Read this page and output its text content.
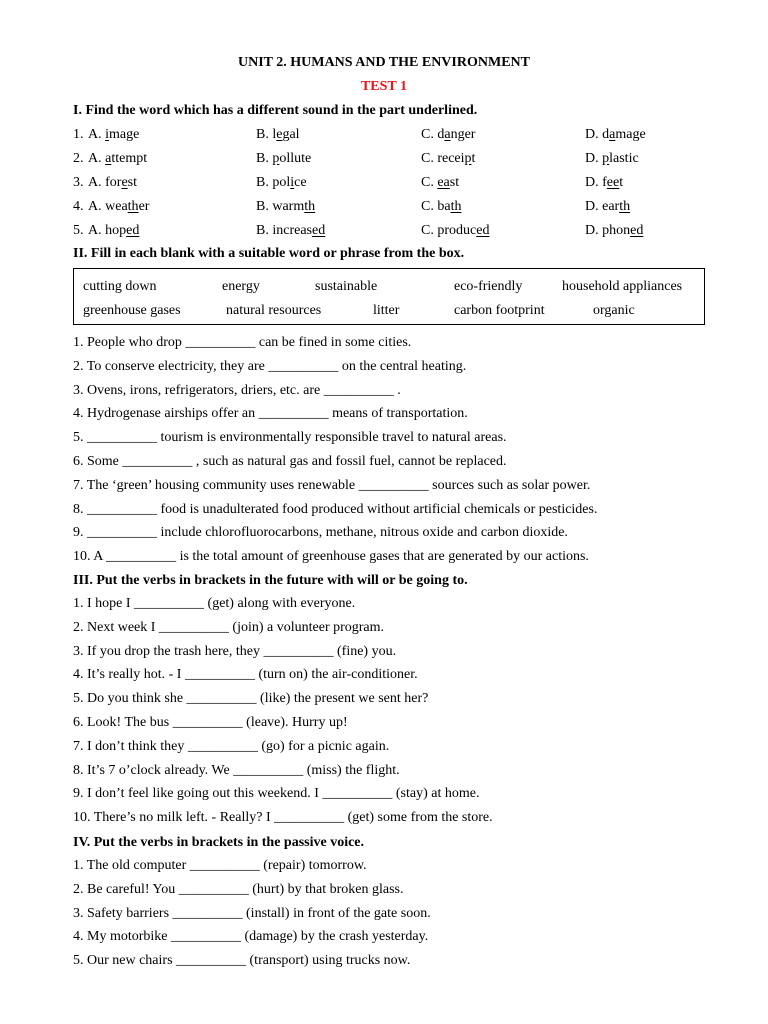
UNIT 2. HUMANS AND THE ENVIRONMENT
TEST 1
I. Find the word which has a different sound in the part underlined.
1. A. image	B. legal	C. danger	D. damage
2. A. attempt	B. pollute	C. receipt	D. plastic
3. A. forest	B. police	C. east	D. feet
4. A. weather	B. warmth	C. bath	D. earth
5. A. hoped	B. increased	C. produced	D. phoned
II. Fill in each blank with a suitable word or phrase from the box.
cutting down	energy	sustainable	eco-friendly	household appliances
greenhouse gases	natural resources	litter	carbon footprint	organic
1. People who drop __________ can be fined in some cities.
2. To conserve electricity, they are __________ on the central heating.
3. Ovens, irons, refrigerators, driers, etc. are __________ .
4. Hydrogenase airships offer an __________ means of transportation.
5. __________ tourism is environmentally responsible travel to natural areas.
6. Some __________ , such as natural gas and fossil fuel, cannot be replaced.
7. The ‘green’ housing community uses renewable __________ sources such as solar power.
8. __________ food is unadulterated food produced without artificial chemicals or pesticides.
9. __________ include chlorofluorocarbons, methane, nitrous oxide and carbon dioxide.
10. A __________ is the total amount of greenhouse gases that are generated by our actions.
III. Put the verbs in brackets in the future with will or be going to.
1. I hope I __________ (get) along with everyone.
2. Next week I __________ (join) a volunteer program.
3. If you drop the trash here, they __________ (fine) you.
4. It’s really hot. - I __________ (turn on) the air-conditioner.
5. Do you think she __________ (like) the present we sent her?
6. Look! The bus __________ (leave). Hurry up!
7. I don’t think they __________ (go) for a picnic again.
8. It’s 7 o’clock already. We __________ (miss) the flight.
9. I don’t feel like going out this weekend. I __________ (stay) at home.
10. There’s no milk left. - Really? I __________ (get) some from the store.
IV. Put the verbs in brackets in the passive voice.
1. The old computer __________ (repair) tomorrow.
2. Be careful! You __________ (hurt) by that broken glass.
3. Safety barriers __________ (install) in front of the gate soon.
4. My motorbike __________ (damage) by the crash yesterday.
5. Our new chairs __________ (transport) using trucks now.
